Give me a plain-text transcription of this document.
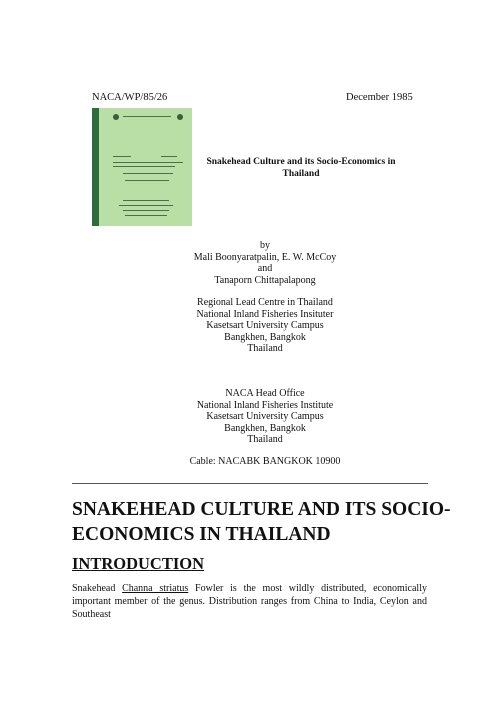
NACA/WP/85/26	December 1985
Snakehead Culture and its Socio-Economics in Thailand
by
Mali Boonyaratpalin, E. W. McCoy
and
Tanaporn Chittapalapong
Regional Lead Centre in Thailand
National Inland Fisheries Insituter
Kasetsart University Campus
Bangkhen, Bangkok
Thailand
NACA Head Office
National Inland Fisheries Institute
Kasetsart University Campus
Bangkhen, Bangkok
Thailand
Cable: NACABK BANGKOK 10900
SNAKEHEAD CULTURE AND ITS SOCIO-ECONOMICS IN THAILAND
INTRODUCTION

Snakehead Channa striatus Fowler is the most wildly distributed, economically important member of the genus. Distribution ranges from China to India, Ceylon and Southeast
